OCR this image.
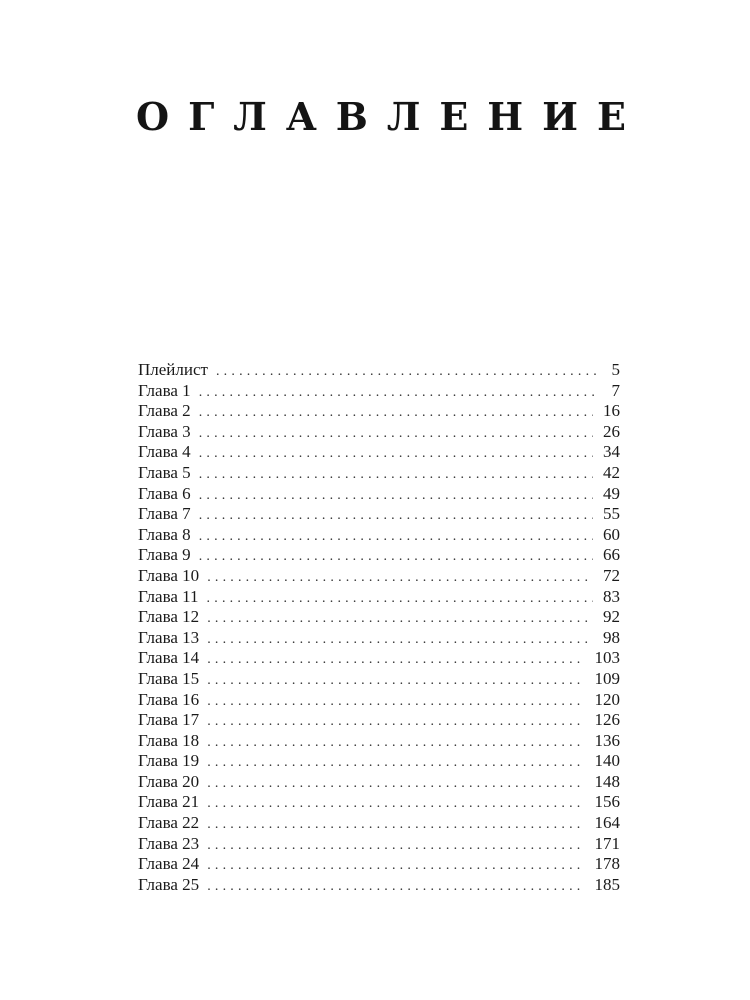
О Г Л А В Л Е Н И Е
Плейлист .....	5
Глава 1 .....	7
Глава 2 .....	16
Глава 3 .....	26
Глава 4 .....	34
Глава 5 .....	42
Глава 6 .....	49
Глава 7 .....	55
Глава 8 .....	60
Глава 9 .....	66
Глава 10 .....	72
Глава 11 .....	83
Глава 12 .....	92
Глава 13 .....	98
Глава 14 .....	103
Глава 15 .....	109
Глава 16 .....	120
Глава 17 .....	126
Глава 18 .....	136
Глава 19 .....	140
Глава 20 .....	148
Глава 21 .....	156
Глава 22 .....	164
Глава 23 .....	171
Глава 24 .....	178
Глава 25 .....	185
